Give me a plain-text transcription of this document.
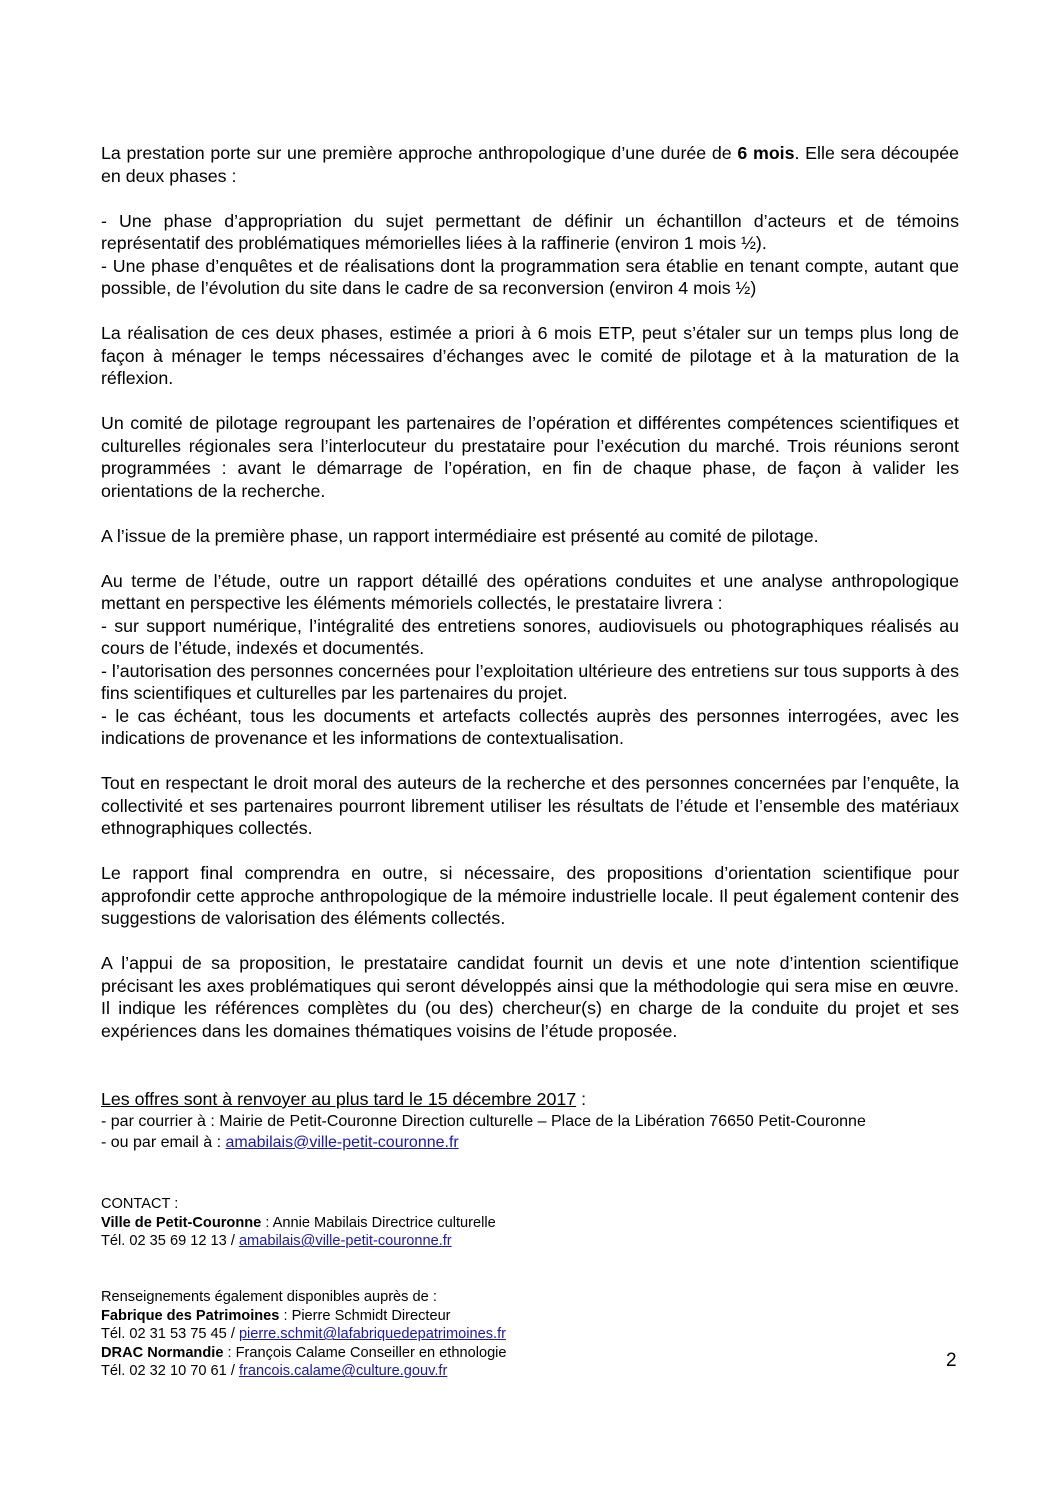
La prestation porte sur une première approche anthropologique d’une durée de 6 mois. Elle sera découpée en deux phases :

- Une phase d’appropriation du sujet permettant de définir un échantillon d’acteurs et de témoins représentatif des problématiques mémorielles liées à la raffinerie (environ 1 mois ½).

- Une phase d’enquêtes et de réalisations dont la programmation sera établie en tenant compte, autant que possible, de l’évolution du site dans le cadre de sa reconversion (environ 4 mois ½)

La réalisation de ces deux phases, estimée a priori à 6 mois ETP, peut s’étaler sur un temps plus long de façon à ménager le temps nécessaires d’échanges avec le comité de pilotage et à la maturation de la réflexion.

Un comité de pilotage regroupant les partenaires de l’opération et différentes compétences scientifiques et culturelles régionales sera l’interlocuteur du prestataire pour l’exécution du marché. Trois réunions seront programmées : avant le démarrage de l’opération, en fin de chaque phase, de façon à valider les orientations de la recherche.

A l’issue de la première phase, un rapport intermédiaire est présenté au comité de pilotage.

Au terme de l’étude, outre un rapport détaillé des opérations conduites et une analyse anthropologique mettant en perspective les éléments mémoriels collectés, le prestataire livrera :

- sur support numérique, l’intégralité des entretiens sonores, audiovisuels ou photographiques réalisés au cours de l’étude, indexés et documentés.

- l’autorisation des personnes concernées pour l’exploitation ultérieure des entretiens sur tous supports à des fins scientifiques et culturelles par les partenaires du projet.

- le cas échéant, tous les documents et artefacts collectés auprès des personnes interrogées, avec les indications de provenance et les informations de contextualisation.

Tout en respectant le droit moral des auteurs de la recherche et des personnes concernées par l’enquête, la collectivité et ses partenaires pourront librement utiliser les résultats de l’étude et l’ensemble des matériaux ethnographiques collectés.

Le rapport final comprendra en outre, si nécessaire, des propositions d’orientation scientifique pour approfondir cette approche anthropologique de la mémoire industrielle locale. Il peut également contenir des suggestions de valorisation des éléments collectés.

A l’appui de sa proposition, le prestataire candidat fournit un devis et une note d’intention scientifique précisant les axes problématiques qui seront développés ainsi que la méthodologie qui sera mise en œuvre. Il indique les références complètes du (ou des) chercheur(s) en charge de la conduite du projet et ses expériences dans les domaines thématiques voisins de l’étude proposée.

Les offres sont à renvoyer au plus tard le 15 décembre 2017 :

- par courrier à : Mairie de Petit-Couronne Direction culturelle – Place de la Libération 76650 Petit-Couronne

- ou par email à : amabilais@ville-petit-couronne.fr

CONTACT :

Ville de Petit-Couronne : Annie Mabilais Directrice culturelle

Tél. 02 35 69 12 13 / amabilais@ville-petit-couronne.fr

Renseignements également disponibles auprès de :

Fabrique des Patrimoines : Pierre Schmidt Directeur

Tél. 02 31 53 75 45 / pierre.schmit@lafabriquedepatrimoines.fr

DRAC Normandie : François Calame Conseiller en ethnologie

Tél. 02 32 10 70 61 / francois.calame@culture.gouv.fr

2
